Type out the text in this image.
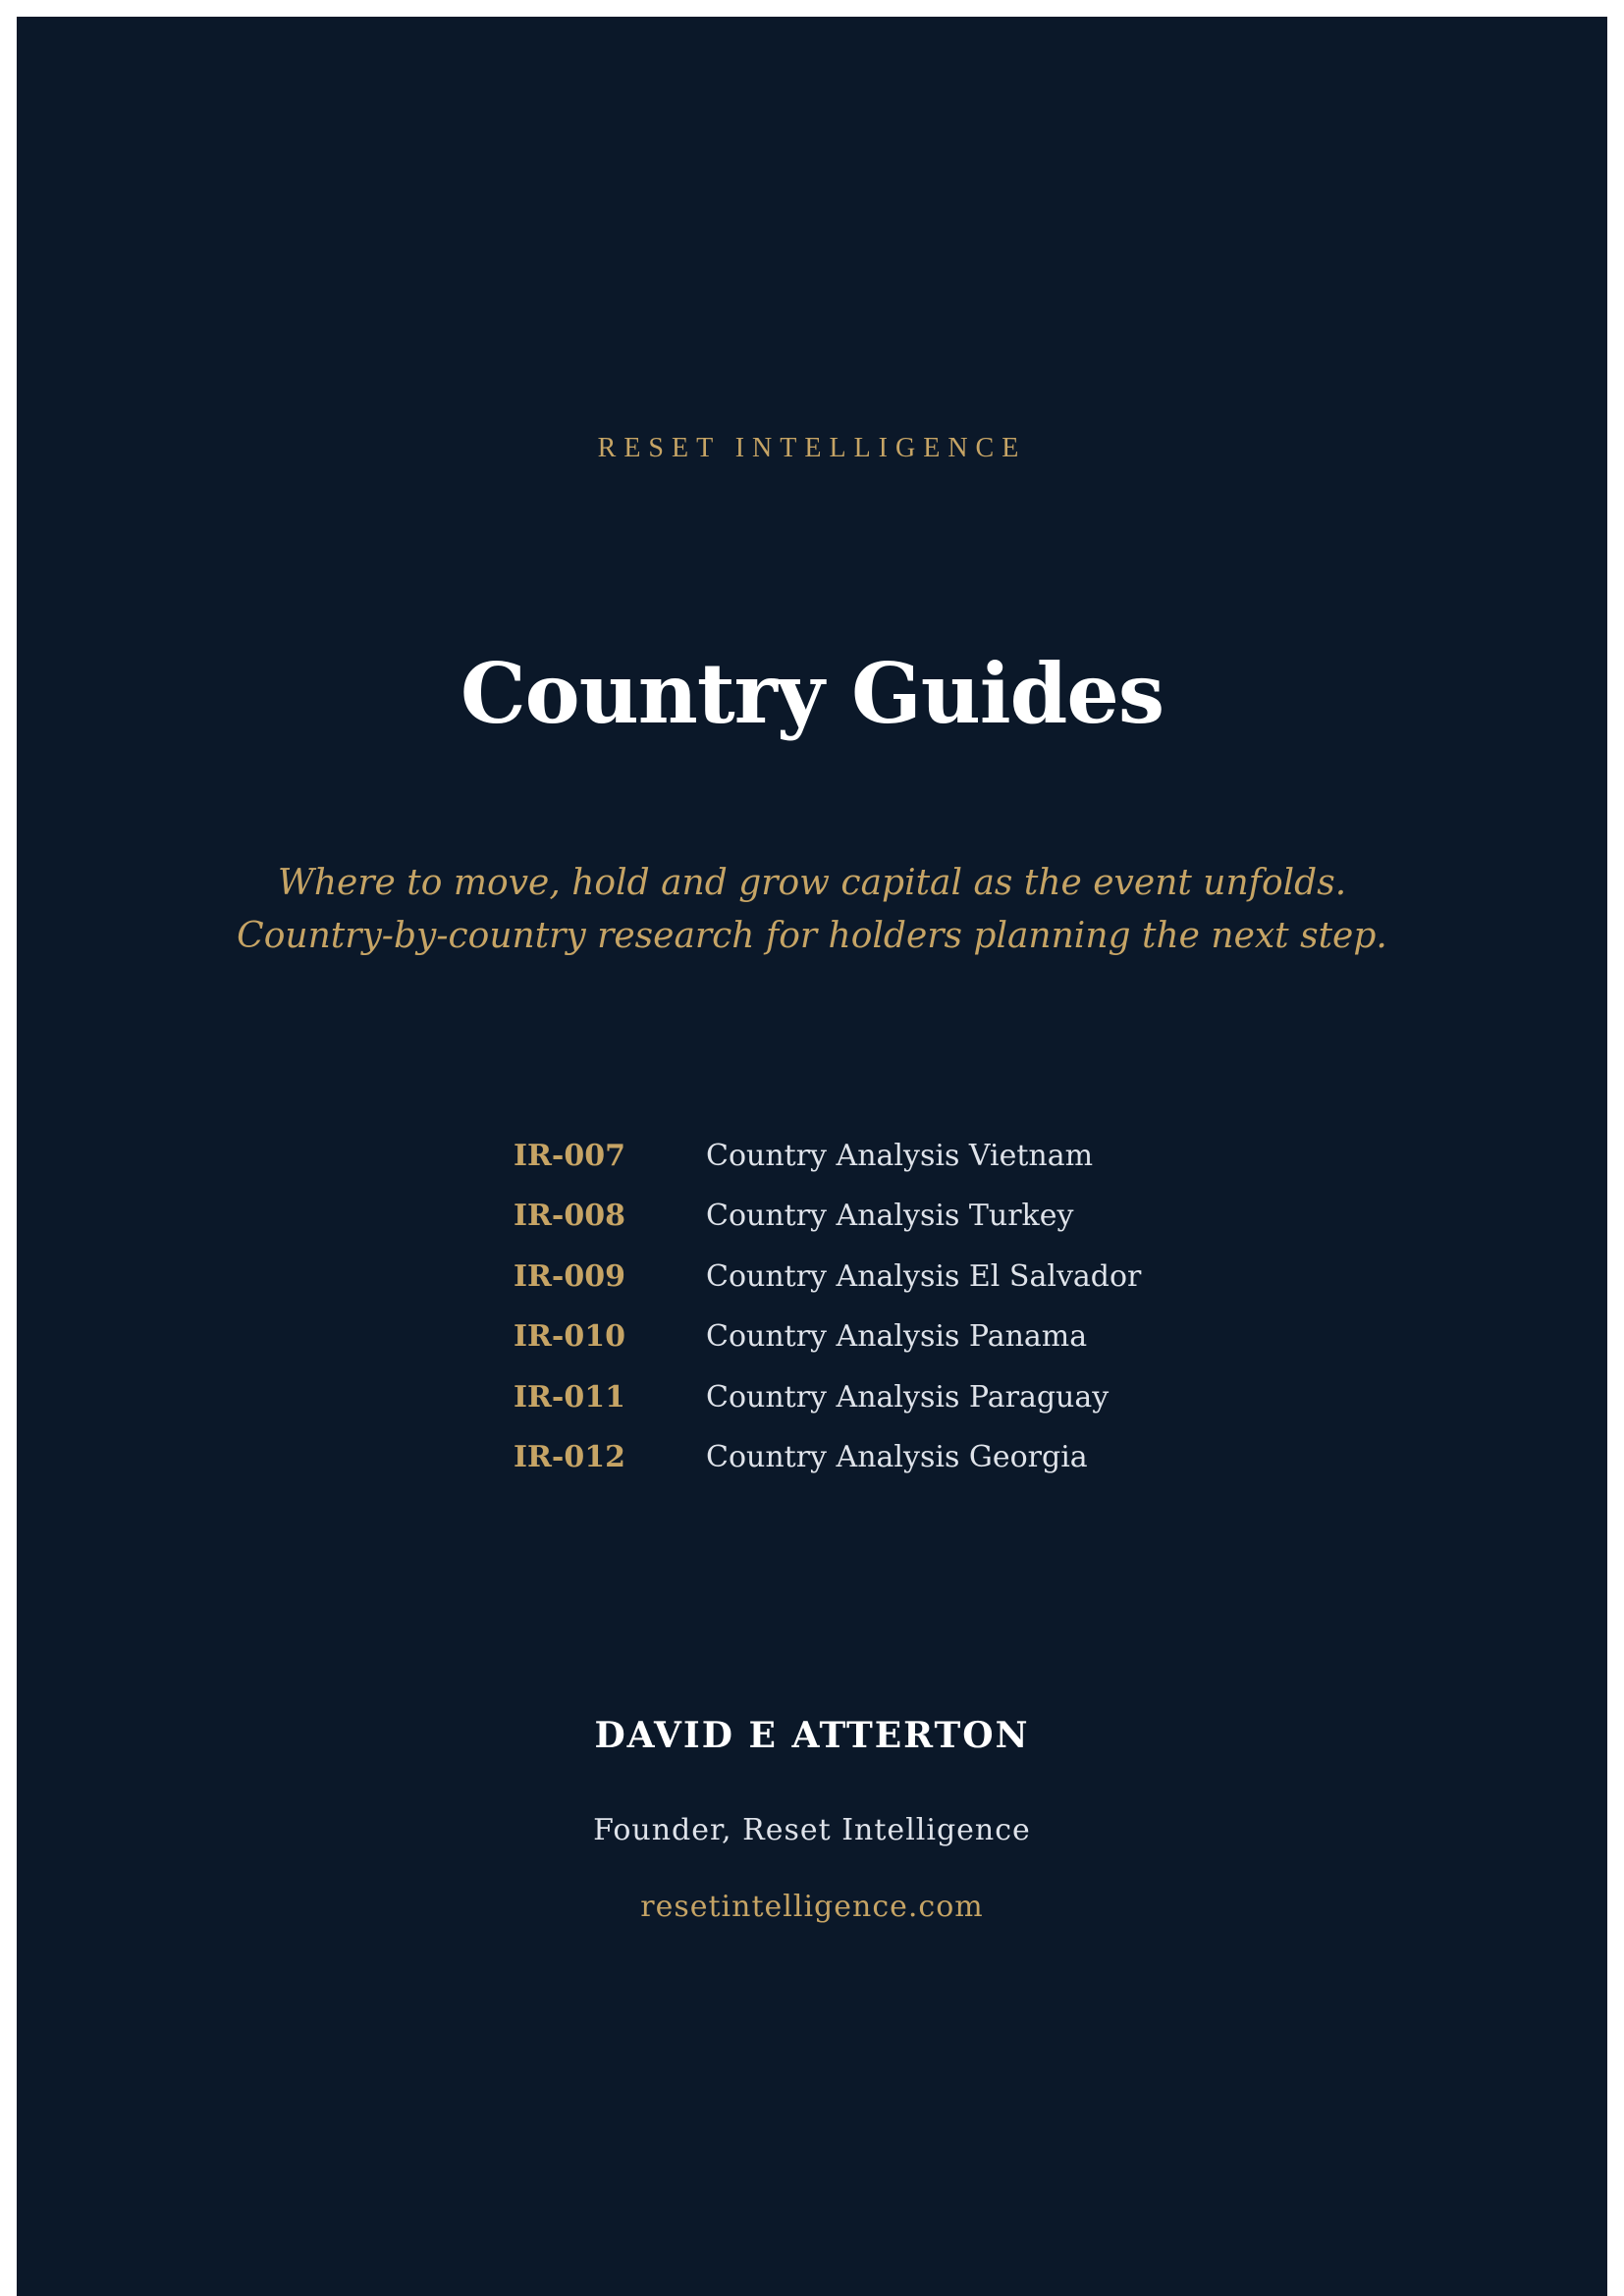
RESET INTELLIGENCE
Country Guides
Where to move, hold and grow capital as the event unfolds.
Country-by-country research for holders planning the next step.
IR-007	Country Analysis Vietnam
IR-008	Country Analysis Turkey
IR-009	Country Analysis El Salvador
IR-010	Country Analysis Panama
IR-011	Country Analysis Paraguay
IR-012	Country Analysis Georgia
DAVID E ATTERTON
Founder, Reset Intelligence
resetintelligence.com
